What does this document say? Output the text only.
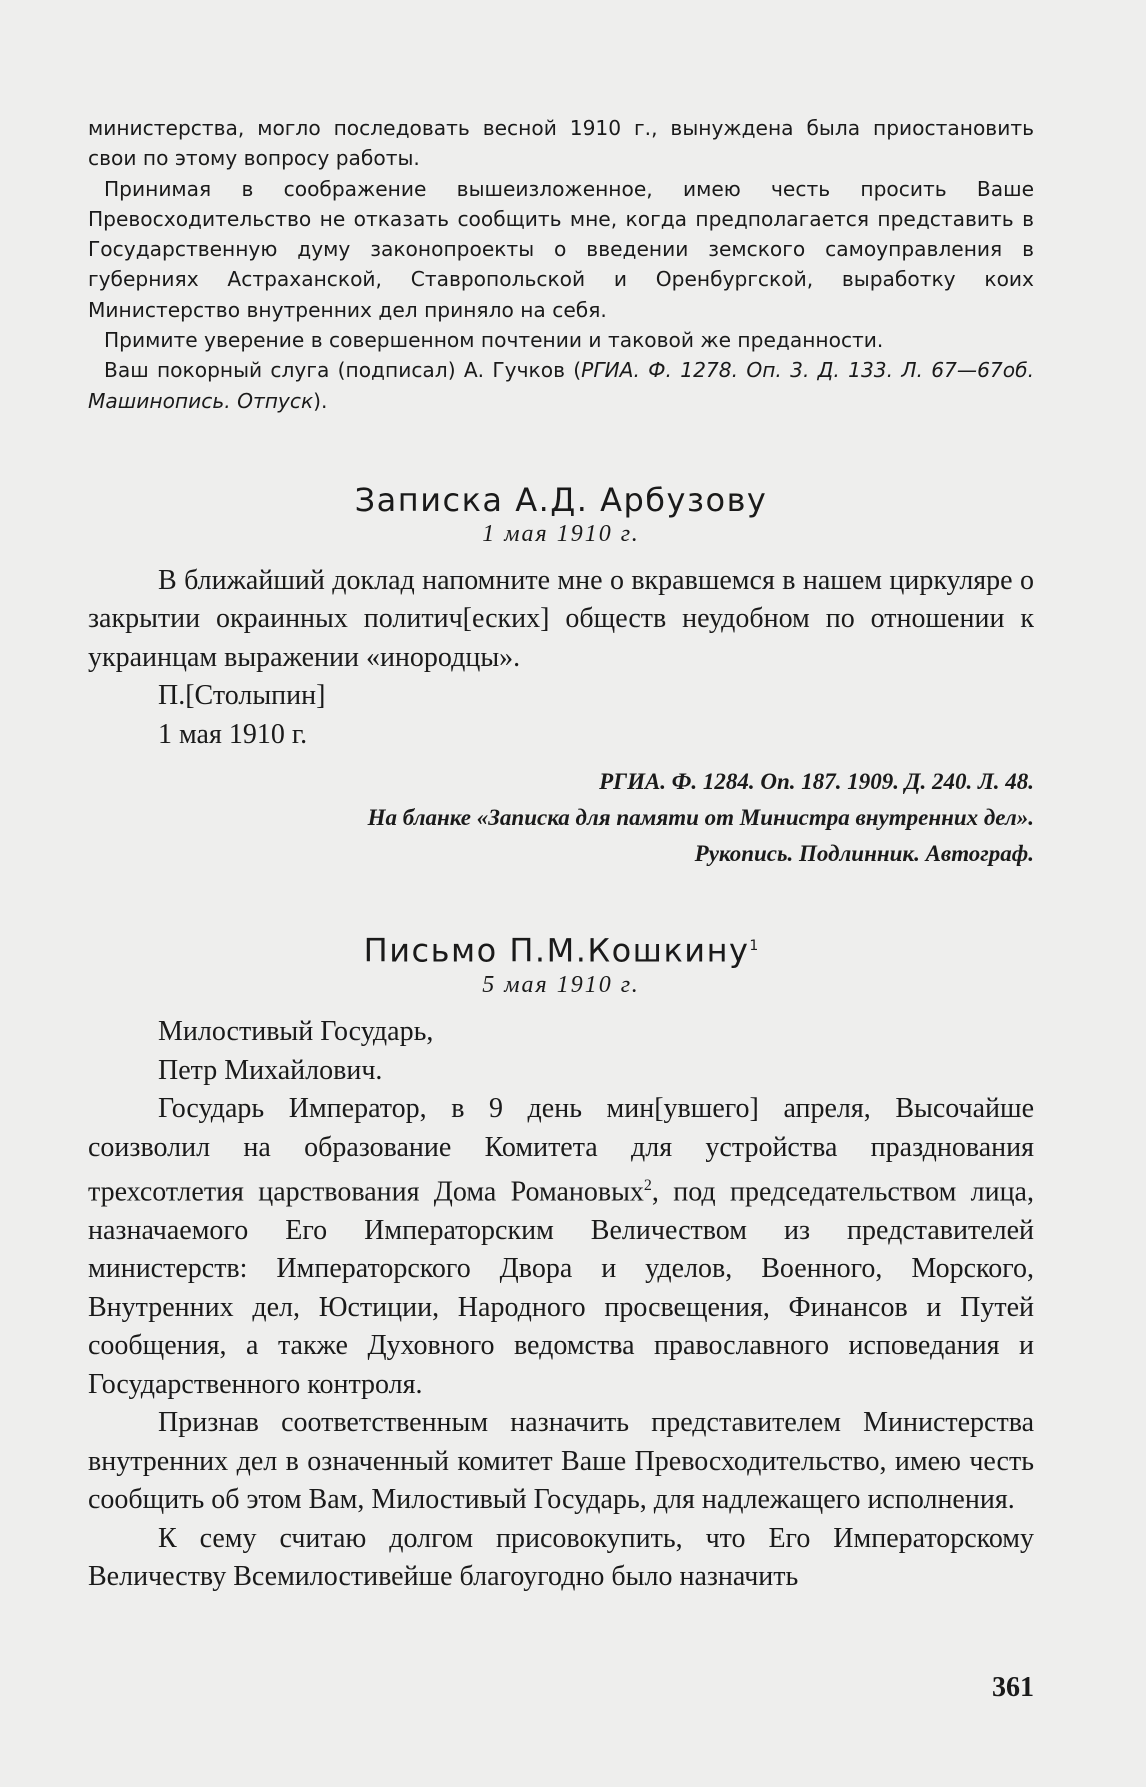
министерства, могло последовать весной 1910 г., вынуждена была приостановить свои по этому вопросу работы.

Принимая в соображение вышеизложенное, имею честь просить Ваше Превосходительство не отказать сообщить мне, когда предполагается представить в Государственную думу законопроекты о введении земского самоуправления в губерниях Астраханской, Ставропольской и Оренбургской, выработку коих Министерство внутренних дел приняло на себя.

Примите уверение в совершенном почтении и таковой же преданности.

Ваш покорный слуга (подписал) А. Гучков (РГИА. Ф. 1278. Оп. 3. Д. 133. Л. 67—67об. Машинопись. Отпуск).

Записка А.Д. Арбузову
1 мая 1910 г.

В ближайший доклад напомните мне о вкравшемся в нашем циркуляре о закрытии окраинных политич[еских] обществ неудобном по отношении к украинцам выражении «инородцы».

П.[Столыпин]

1 мая 1910 г.

РГИА. Ф. 1284. Оп. 187. 1909. Д. 240. Л. 48.
На бланке «Записка для памяти от Министра внутренних дел».
Рукопись. Подлинник. Автограф.
Письмо П.М.Кошкину$^1$
5 мая 1910 г.

Милостивый Государь,

Петр Михайлович.

Государь Император, в 9 день мин[увшего] апреля, Высочайше соизволил на образование Комитета для устройства празднования трехсотлетия царствования Дома Романовых$^2$, под председательством лица, назначаемого Его Императорским Величеством из представителей министерств: Императорского Двора и уделов, Военного, Морского, Внутренних дел, Юстиции, Народного просвещения, Финансов и Путей сообщения, а также Духовного ведомства православного исповедания и Государственного контроля.

Признав соответственным назначить представителем Министерства внутренних дел в означенный комитет Ваше Превосходительство, имею честь сообщить об этом Вам, Милостивый Государь, для надлежащего исполнения.

К сему считаю долгом присовокупить, что Его Императорскому Величеству Всемилостивейше благоугодно было назначить

361
